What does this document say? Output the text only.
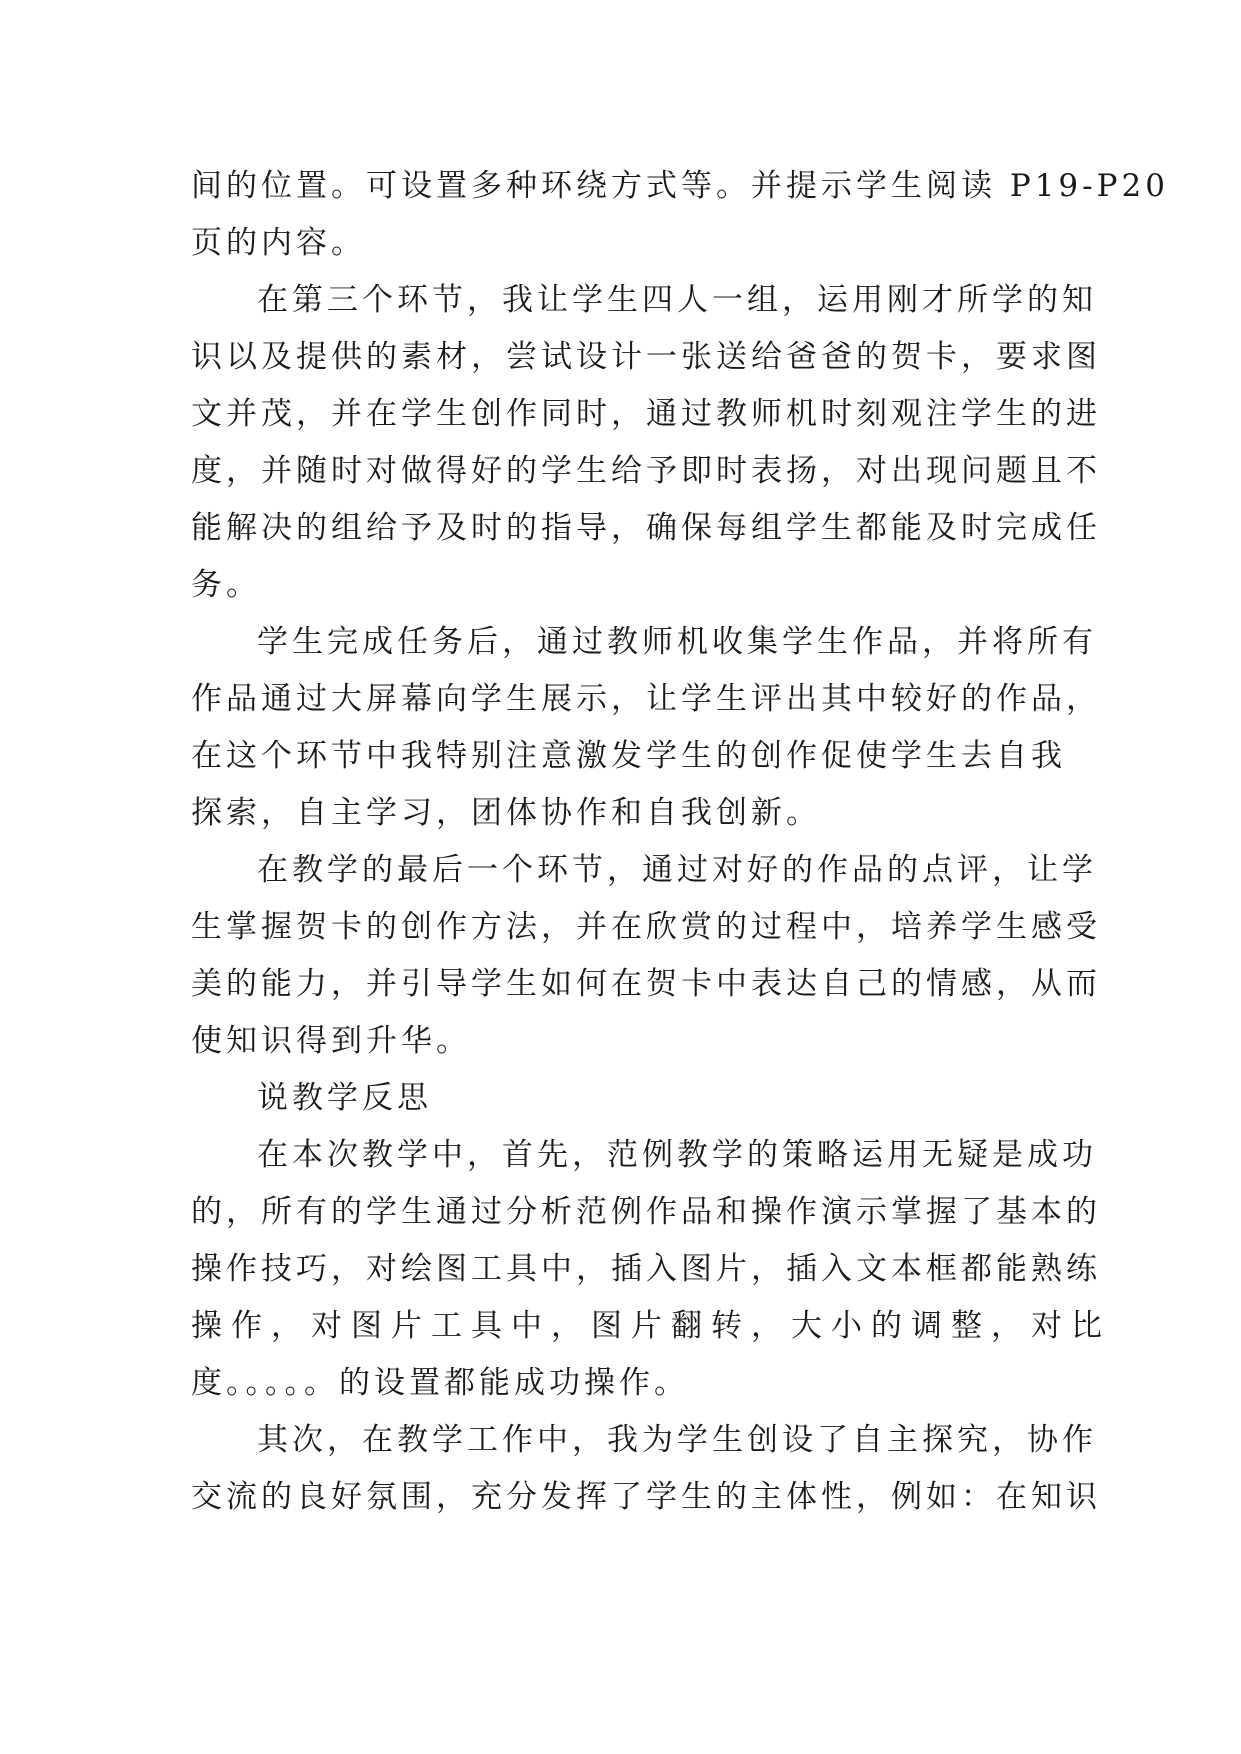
间的位置。可设置多种环绕方式等。并提示学生阅读 P19-P20
页的内容。
在第三个环节，我让学生四人一组，运用刚才所学的知
识以及提供的素材，尝试设计一张送给爸爸的贺卡，要求图
文并茂，并在学生创作同时，通过教师机时刻观注学生的进
度，并随时对做得好的学生给予即时表扬，对出现问题且不
能解决的组给予及时的指导，确保每组学生都能及时完成任
务。
学生完成任务后，通过教师机收集学生作品，并将所有
作品通过大屏幕向学生展示，让学生评出其中较好的作品，
在这个环节中我特别注意激发学生的创作促使学生去自我
探索，自主学习，团体协作和自我创新。
在教学的最后一个环节，通过对好的作品的点评，让学
生掌握贺卡的创作方法，并在欣赏的过程中，培养学生感受
美的能力，并引导学生如何在贺卡中表达自己的情感，从而
使知识得到升华。
说教学反思
在本次教学中，首先，范例教学的策略运用无疑是成功
的，所有的学生通过分析范例作品和操作演示掌握了基本的
操作技巧，对绘图工具中，插入图片，插入文本框都能熟练
操作，对图片工具中，图片翻转，大小的调整，对比
度。。。。。的设置都能成功操作。
其次，在教学工作中，我为学生创设了自主探究，协作
交流的良好氛围，充分发挥了学生的主体性，例如：在知识
